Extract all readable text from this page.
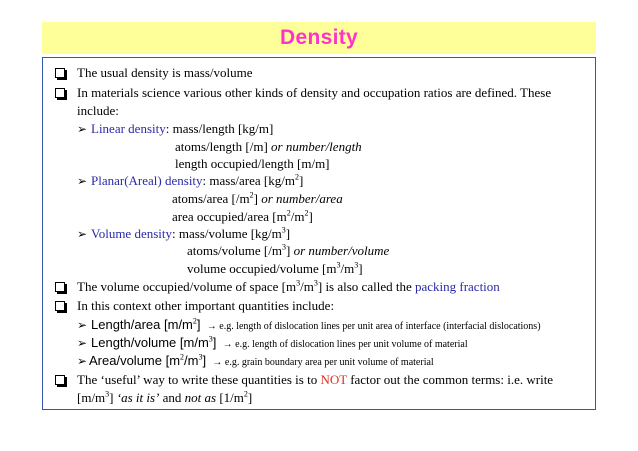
Density
The usual density is mass/volume
In materials science various other kinds of density and occupation ratios are defined. These
include:
➢ Linear density: mass/length [kg/m]
atoms/length [/m] or number/length
length occupied/length [m/m]
➢ Planar(Areal) density: mass/area $[kg/m^2]$
atoms/area $[/m^2]$ or number/area
area occupied/area $[m^2/m^2]$
➢ Volume density: mass/volume $[kg/m^3]$
atoms/volume $[/m^3]$ or number/volume
volume occupied/volume $[m^3/m^3]$
The volume occupied/volume of space $[m^3/m^3]$ is also called the packing fraction
In this context other important quantities include:
➢ Length/area $[m/m^2] \to e.g$. length of dislocation lines per unit area of interface (interfacial dislocations)
➢ Length/volume $[m/m^3] \to e.g$. length of dislocation lines per unit volume of material
➢ Area/volume $[m^2/m^3] \to e.g$. grain boundary area per unit volume of material
The ‘useful’ way to write these quantities is to NOT factor out the common terms: i.e. write
$[m/m^3]$ ‘as it is’ and not as $[1/m^2]$
